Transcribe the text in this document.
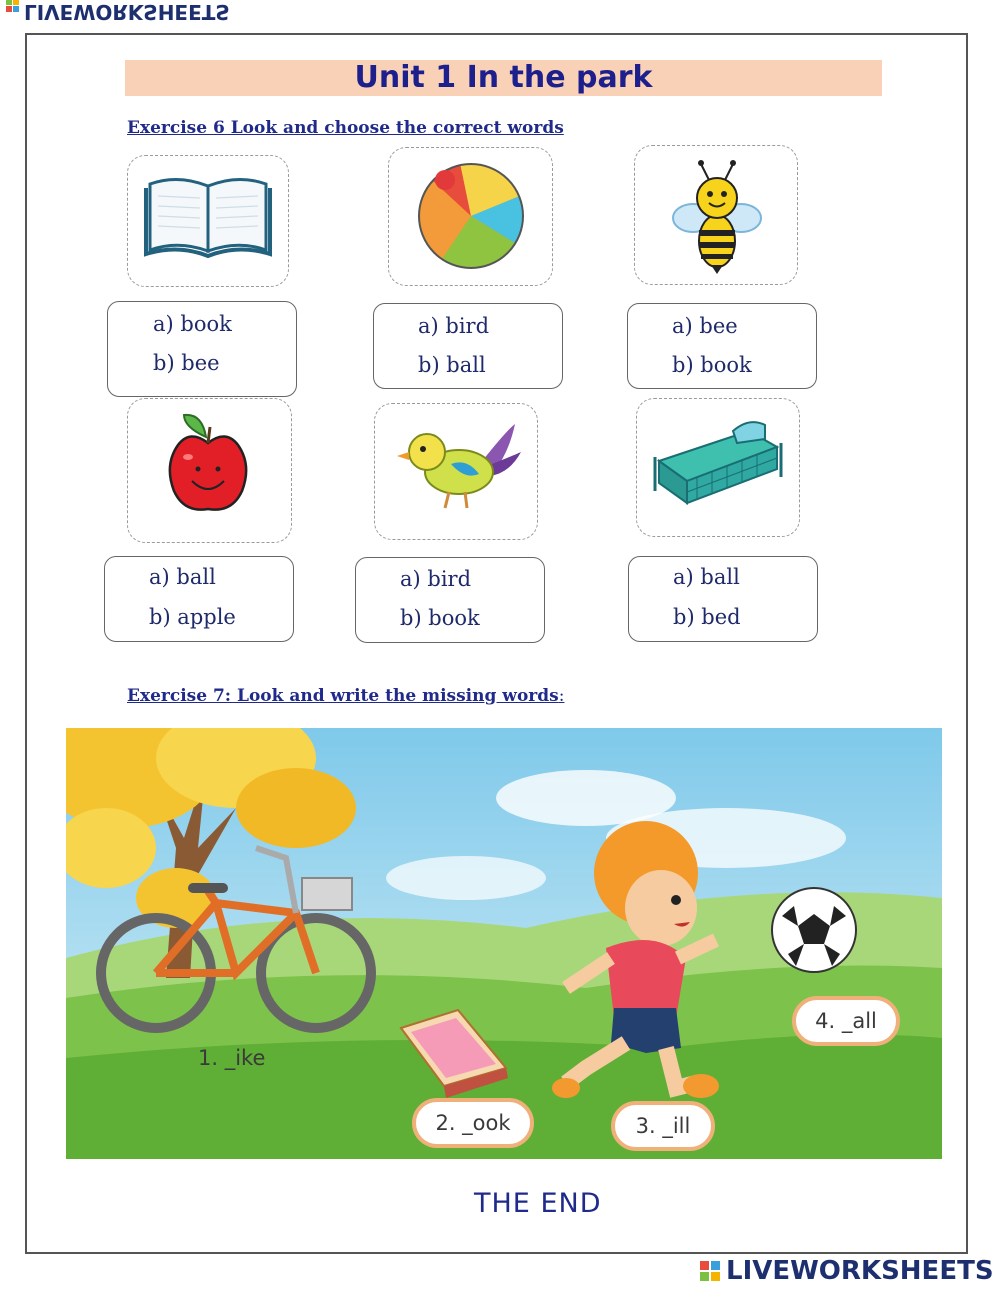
LIVEWORKSHEETS
Unit 1 In the park
Exercise 6 Look and choose the correct words
a) book
b) bee
a) bird
b) ball
a) bee
b) book
a) ball
b) apple
a) bird
b) book
a) ball
b) bed
Exercise 7: Look and write the missing words:
1. _ike
2. _ook	3. _ill
4. _all
THE END
LIVEWORKSHEETS
